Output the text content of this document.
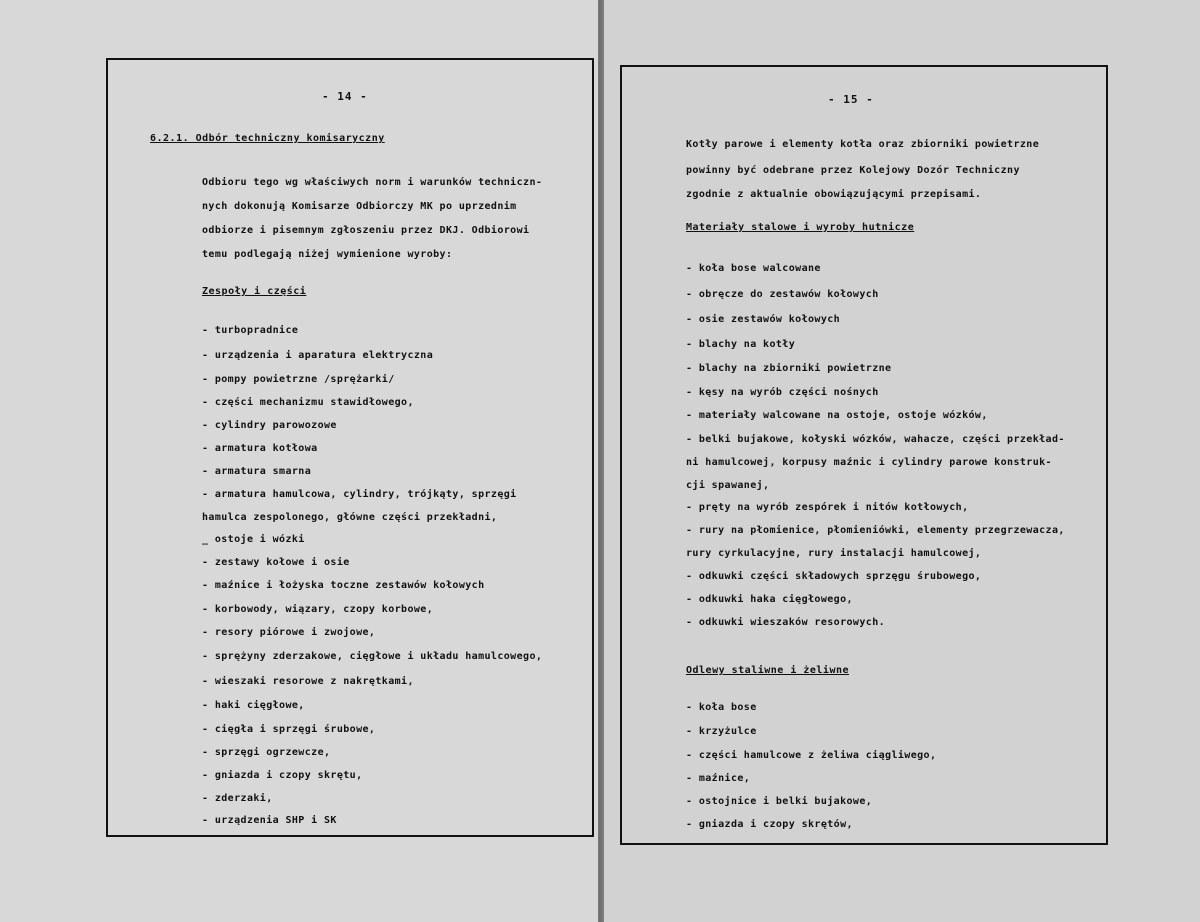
- 14 -
6.2.1. Odbór techniczny komisaryczny
Odbioru tego wg właściwych norm i warunków techniczn-
nych dokonują Komisarze Odbiorczy MK po uprzednim
odbiorze i pisemnym zgłoszeniu przez DKJ. Odbiorowi
temu podlegają niżej wymienione wyroby:
Zespoły i części
- turbopradnice
- urządzenia i aparatura elektryczna
- pompy powietrzne /sprężarki/
- części mechanizmu stawidłowego,
- cylindry parowozowe
- armatura kotłowa
- armatura smarna
- armatura hamulcowa, cylindry, trójkąty, sprzęgi
hamulca zespolonego, główne części przekładni,
_ ostoje i wózki
- zestawy kołowe i osie
- maźnice i łożyska toczne zestawów kołowych
- korbowody, wiązary, czopy korbowe,
- resory piórowe i zwojowe,
- sprężyny zderzakowe, cięgłowe i układu hamulcowego,
- wieszaki resorowe z nakrętkami,
- haki cięgłowe,
- cięgła i sprzęgi śrubowe,
- sprzęgi ogrzewcze,
- gniazda i czopy skrętu,
- zderzaki,
- urządzenia SHP i SK
- 15 -
Kotły parowe i elementy kotła oraz zbiorniki powietrzne
powinny być odebrane przez Kolejowy Dozór Techniczny
zgodnie z aktualnie obowiązującymi przepisami.
Materiały stalowe i wyroby hutnicze
- koła bose walcowane
- obręcze do zestawów kołowych
- osie zestawów kołowych
- blachy na kotły
- blachy na zbiorniki powietrzne
- kęsy na wyrób części nośnych
- materiały walcowane na ostoje, ostoje wózków,
- belki bujakowe, kołyski wózków, wahacze, części przekład-
ni hamulcowej, korpusy maźnic i cylindry parowe konstruk-
cji spawanej,
- pręty na wyrób zespórek i nitów kotłowych,
- rury na płomienice, płomieniówki, elementy przegrzewacza,
rury cyrkulacyjne, rury instalacji hamulcowej,
- odkuwki części składowych sprzęgu śrubowego,
- odkuwki haka cięgłowego,
- odkuwki wieszaków resorowych.
Odlewy staliwne i żeliwne
- koła bose
- krzyżulce
- części hamulcowe z żeliwa ciągliwego,
- maźnice,
- ostojnice i belki bujakowe,
- gniazda i czopy skrętów,
